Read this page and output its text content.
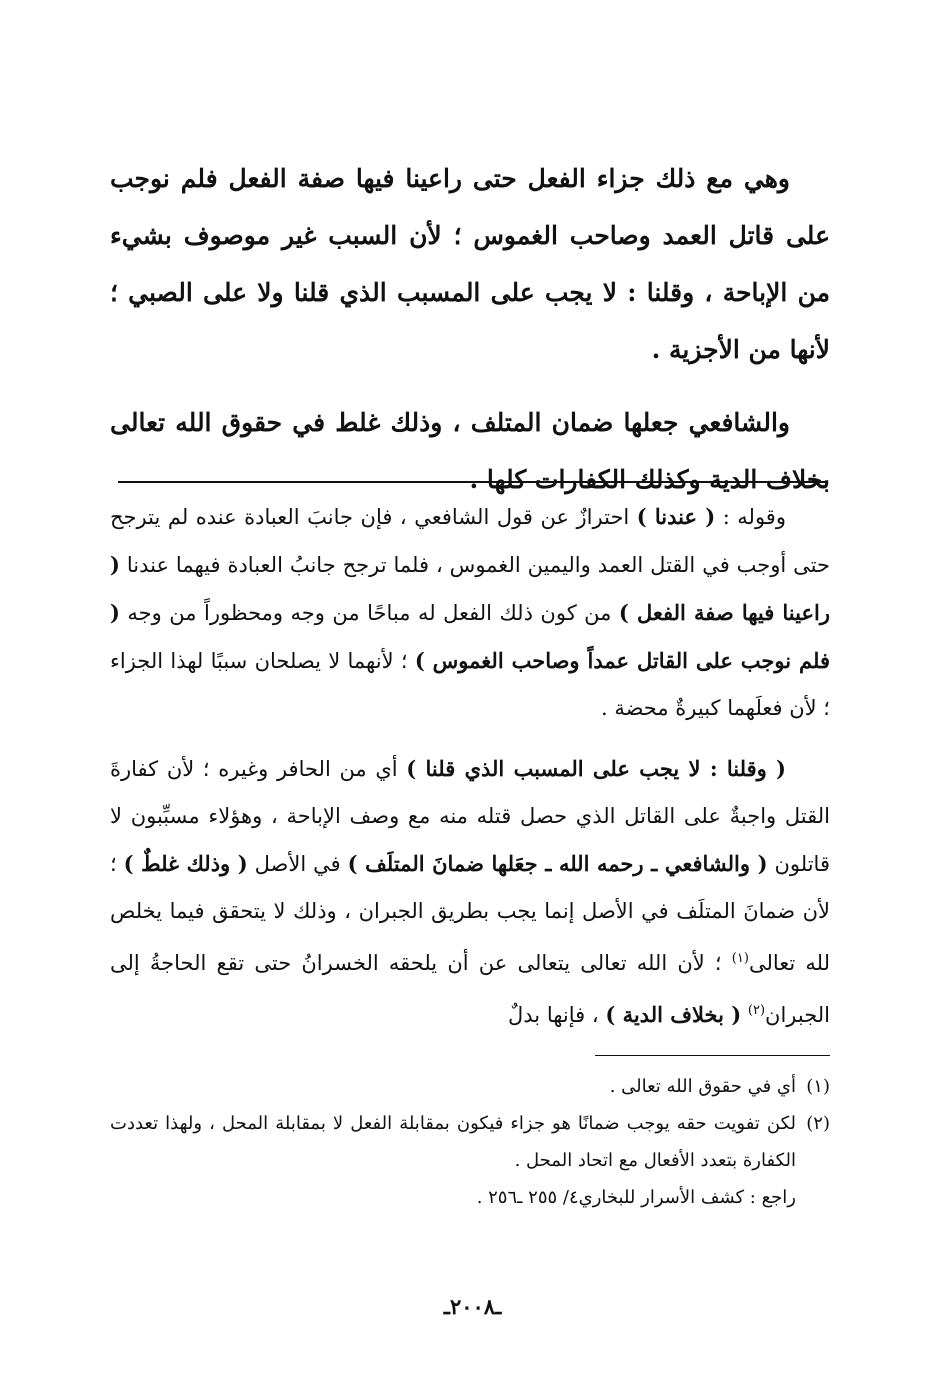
وهي مع ذلك جزاء الفعل حتى راعينا فيها صفة الفعل فلم نوجب على قاتل العمد وصاحب الغموس ؛ لأن السبب غير موصوف بشيء من الإباحة ، وقلنا : لا يجب على المسبب الذي قلنا ولا على الصبي ؛ لأنها من الأجزية .

والشافعي جعلها ضمان المتلف ، وذلك غلط في حقوق الله تعالى بخلاف الدية وكذلك الكفارات كلها .

وقوله : ( عندنا ) احترازٌ عن قول الشافعي ، فإن جانبَ العبادة عنده لم يترجح حتى أوجب في القتل العمد واليمين الغموس ، فلما ترجح جانبُ العبادة فيهما عندنا ( راعينا فيها صفة الفعل ) من كون ذلك الفعل له مباحًا من وجه ومحظوراً من وجه ( فلم نوجب على القاتل عمداً وصاحب الغموس ) ؛ لأنهما لا يصلحان سببًا لهذا الجزاء ؛ لأن فعلَهما كبيرةٌ محضة .

( وقلنا : لا يجب على المسبب الذي قلنا ) أي من الحافر وغيره ؛ لأن كفارةَ القتل واجبةٌ على القاتل الذي حصل قتله منه مع وصف الإباحة ، وهؤلاء مسبِّبون لا قاتلون ( والشافعي ـ رحمه الله ـ جعَلها ضمانَ المتلَف ) في الأصل ( وذلك غلطٌ ) ؛ لأن ضمانَ المتلَف في الأصل إنما يجب بطريق الجبران ، وذلك لا يتحقق فيما يخلص لله تعالى$^{(١)}$ ؛ لأن الله تعالى يتعالى عن أن يلحقه الخسرانُ حتى تقع الحاجةُ إلى الجبران$^{(٢)}$ ( بخلاف الدية ) ، فإنها بدلٌ

(١)
أي في حقوق الله تعالى .
(٢)
لكن تفويت حقه يوجب ضمانًا هو جزاء فيكون بمقابلة الفعل لا بمقابلة المحل ، ولهذا تعددت الكفارة بتعدد الأفعال مع اتحاد المحل .
راجع : كشف الأسرار للبخاري٤/ ٢٥٥ ـ٢٥٦ .
ـ٢٠٠٨ـ
